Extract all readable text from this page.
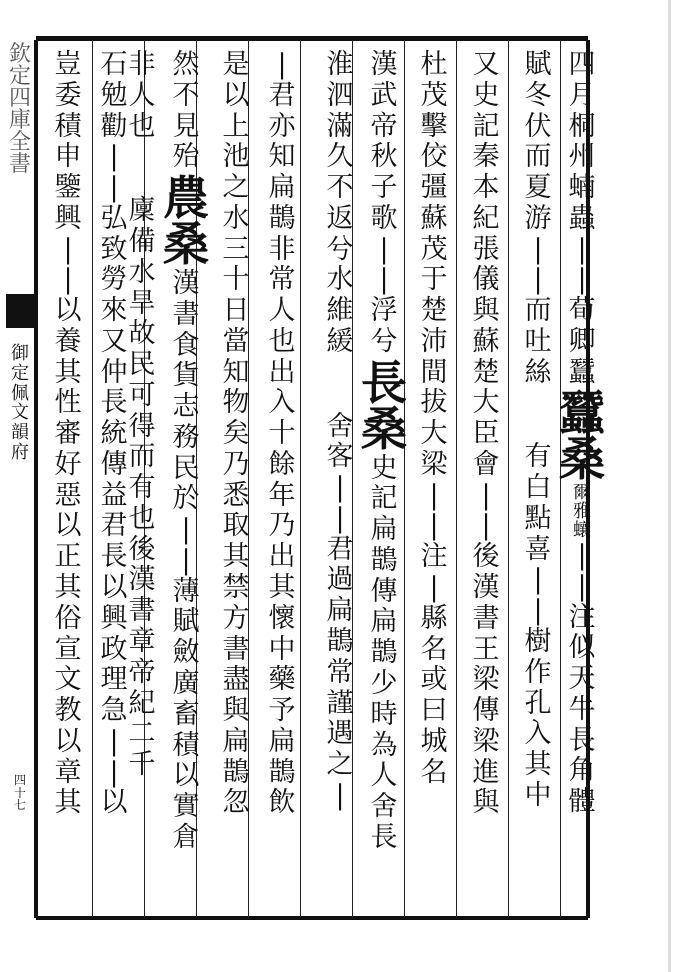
欽
定
四
庫
全
書
御
定
佩
文
韻
府
四
十
七
四
月
桐
州
蝻
蟲
|
|
荀
卿
蠶
蠶
桑
爾
雅
蠰
|
|
注
似
天
牛
長
角
體
賦
冬
伏
而
夏
游
|
|
而
吐
絲
有
白
點
喜
|
|
樹
作
孔
入
其
中
又
史
記
秦
本
紀
張
儀
與
蘇
楚
大
臣
會
|
|
後
漢
書
王
梁
傳
梁
進
與
杜
茂
擊
佼
彊
蘇
茂
于
楚
沛
間
拔
大
梁
|
|
注
|
縣
名
或
曰
城
名
漢
武
帝
秋
子
歌
|
|
浮
兮
長
桑
史
記
扁
鵲
傳
扁
鵲
少
時
為
人
舍
長
淮
泗
滿
久
不
返
兮
水
維
緩
舍
客
|
|
君
過
扁
鵲
常
謹
遇
之
|
|
君
亦
知
扁
鵲
非
常
人
也
出
入
十
餘
年
乃
出
其
懷
中
藥
予
扁
鵲
飲
是
以
上
池
之
水
三
十
日
當
知
物
矣
乃
悉
取
其
禁
方
書
盡
與
扁
鵲
忽
然
不
見
殆
農
桑
漢
書
食
貨
志
務
民
於
|
|
薄
賦
斂
廣
畜
積
以
實
倉
非
人
也
廩
備
水
旱
故
民
可
得
而
有
也
後
漢
書
章
帝
紀
二
千
石
勉
勸
|
|
弘
致
勞
來
又
仲
長
統
傳
益
君
長
以
興
政
理
急
|
|
以
豈
委
積
申
鑒
興
|
|
以
養
其
性
審
好
惡
以
正
其
俗
宣
文
教
以
章
其
